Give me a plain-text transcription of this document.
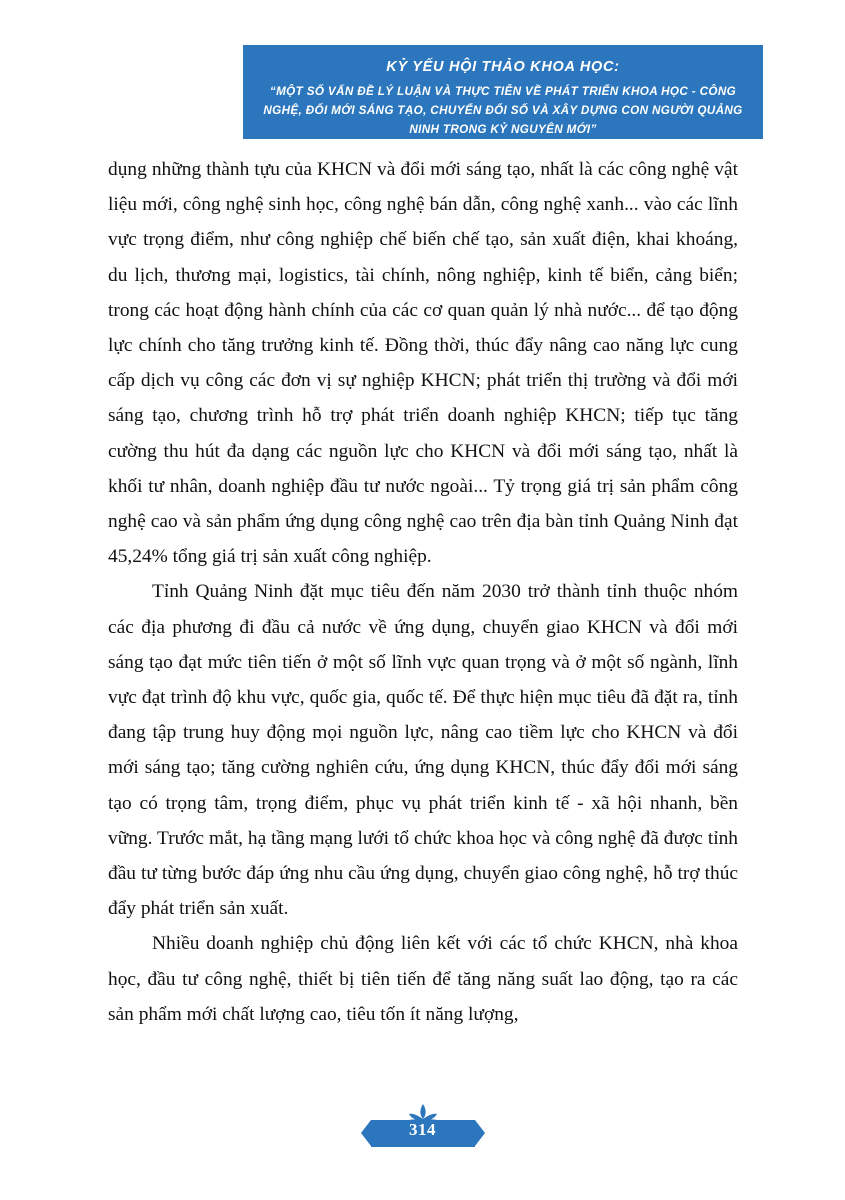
KỶ YẾU HỘI THẢO KHOA HỌC:
“MỘT SỐ VẤN ĐỀ LÝ LUẬN VÀ THỰC TIỄN VỀ PHÁT TRIỂN KHOA HỌC - CÔNG NGHỆ, ĐỔI MỚI SÁNG TẠO, CHUYỂN ĐỔI SỐ VÀ XÂY DỰNG CON NGƯỜI QUẢNG NINH TRONG KỶ NGUYÊN MỚI”

dụng những thành tựu của KHCN và đổi mới sáng tạo, nhất là các công nghệ vật liệu mới, công nghệ sinh học, công nghệ bán dẫn, công nghệ xanh... vào các lĩnh vực trọng điểm, như công nghiệp chế biến chế tạo, sản xuất điện, khai khoáng, du lịch, thương mại, logistics, tài chính, nông nghiệp, kinh tế biển, cảng biển; trong các hoạt động hành chính của các cơ quan quản lý nhà nước... để tạo động lực chính cho tăng trưởng kinh tế. Đồng thời, thúc đẩy nâng cao năng lực cung cấp dịch vụ công các đơn vị sự nghiệp KHCN; phát triển thị trường và đổi mới sáng tạo, chương trình hỗ trợ phát triển doanh nghiệp KHCN; tiếp tục tăng cường thu hút đa dạng các nguồn lực cho KHCN và đổi mới sáng tạo, nhất là khối tư nhân, doanh nghiệp đầu tư nước ngoài... Tỷ trọng giá trị sản phẩm công nghệ cao và sản phẩm ứng dụng công nghệ cao trên địa bàn tỉnh Quảng Ninh đạt 45,24% tổng giá trị sản xuất công nghiệp.

Tỉnh Quảng Ninh đặt mục tiêu đến năm 2030 trở thành tỉnh thuộc nhóm các địa phương đi đầu cả nước về ứng dụng, chuyển giao KHCN và đổi mới sáng tạo đạt mức tiên tiến ở một số lĩnh vực quan trọng và ở một số ngành, lĩnh vực đạt trình độ khu vực, quốc gia, quốc tế. Để thực hiện mục tiêu đã đặt ra, tỉnh đang tập trung huy động mọi nguồn lực, nâng cao tiềm lực cho KHCN và đổi mới sáng tạo; tăng cường nghiên cứu, ứng dụng KHCN, thúc đẩy đổi mới sáng tạo có trọng tâm, trọng điểm, phục vụ phát triển kinh tế - xã hội nhanh, bền vững. Trước mắt, hạ tầng mạng lưới tổ chức khoa học và công nghệ đã được tỉnh đầu tư từng bước đáp ứng nhu cầu ứng dụng, chuyển giao công nghệ, hỗ trợ thúc đẩy phát triển sản xuất.

Nhiều doanh nghiệp chủ động liên kết với các tổ chức KHCN, nhà khoa học, đầu tư công nghệ, thiết bị tiên tiến để tăng năng suất lao động, tạo ra các sản phẩm mới chất lượng cao, tiêu tốn ít năng lượng,

314
